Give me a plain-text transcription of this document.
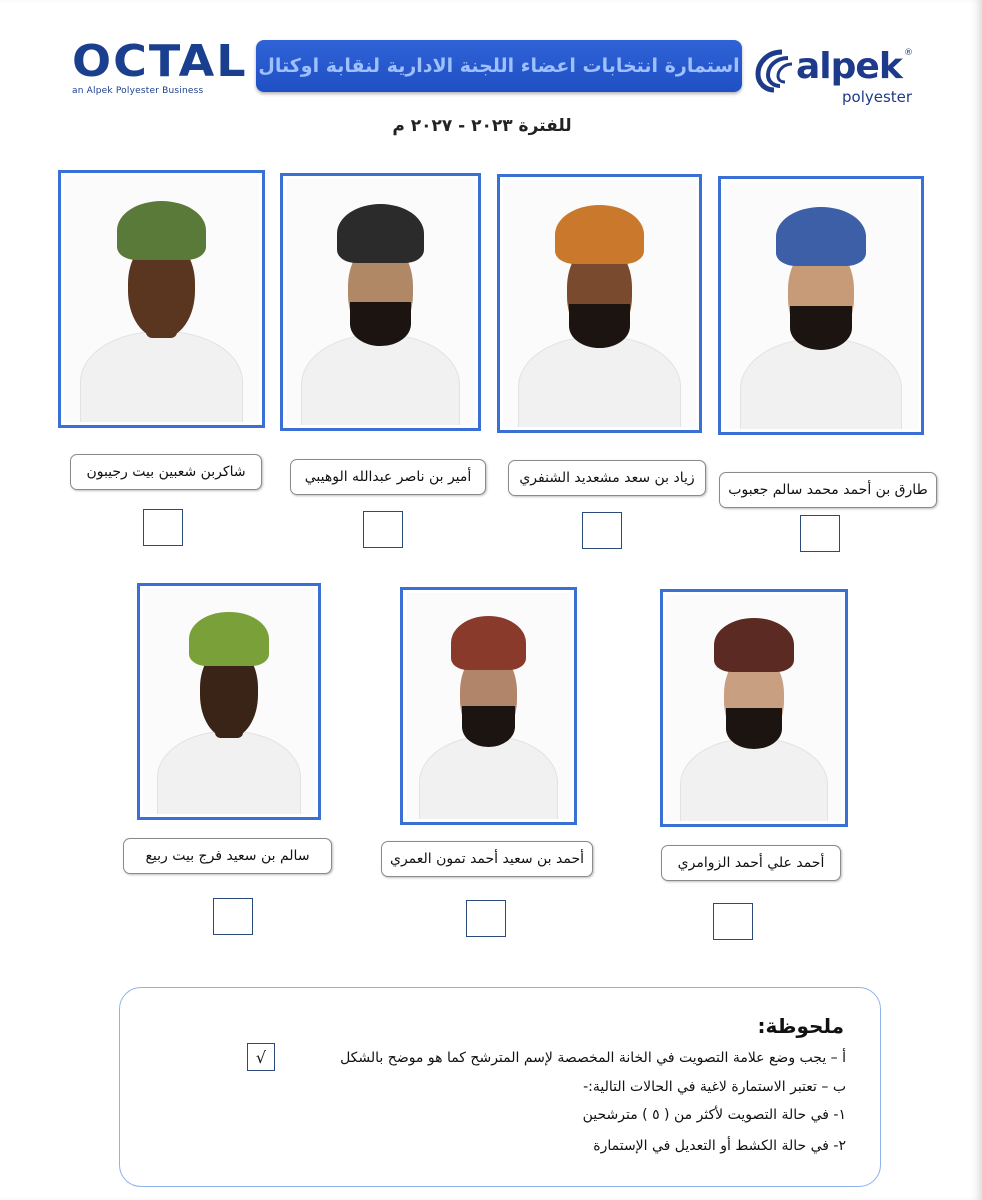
OCTAL
an Alpek Polyester Business
استمارة انتخابات اعضاء اللجنة الادارية لنقابة اوكتال alpek ®
polyester
للفترة ٢٠٢٣ - ٢٠٢٧ م
طارق بن أحمد محمد سالم جعبوب
زياد بن سعد مشعديد الشنفري
أمير بن ناصر عبدالله الوهيبي
شاكربن شعبين بيت رجيبون
أحمد علي أحمد الزوامري
أحمد بن سعيد أحمد تمون العمري
سالم بن سعيد فرج بيت ربيع
ملحوظة:
أ – يجب وضع علامة التصويت في الخانة المخصصة لإسم المترشح كما هو موضح بالشكل
√
ب – تعتبر الاستمارة لاغية في الحالات التالية:-
١- في حالة التصويت لأكثر من ( ٥ ) مترشحين
٢- في حالة الكشط أو التعديل في الإستمارة
